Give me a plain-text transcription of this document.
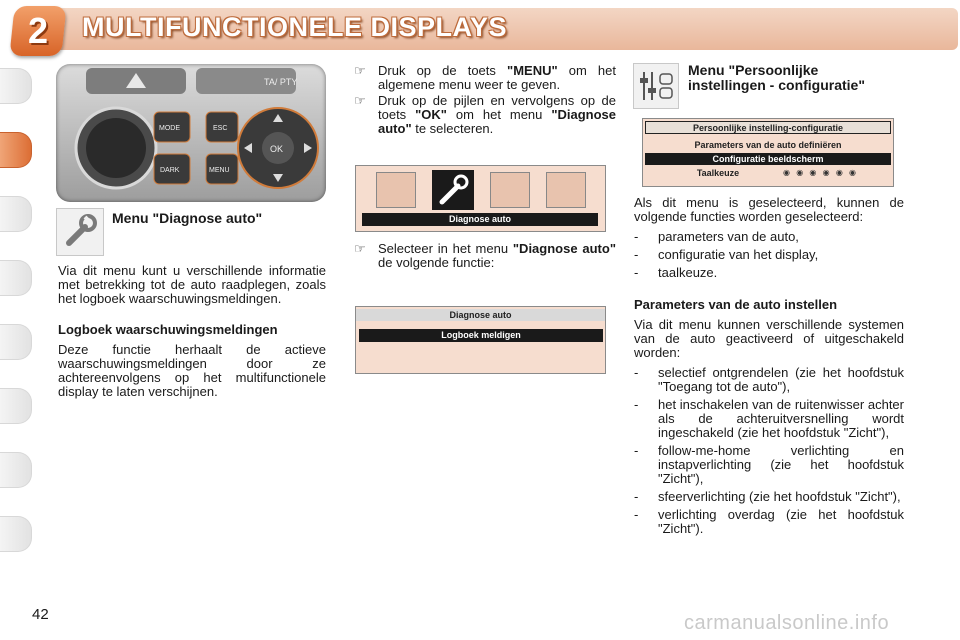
2	MULTIFUNCTIONELE DISPLAYS
TA/ PTY
MODE
DARK
ESC
MENU
OK
Menu "Diagnose auto"
Via dit menu kunt u verschillende informatie met betrekking tot de auto raadplegen, zoals het logboek waarschuwingsmeldingen.
Logboek waarschuwingsmeldingen
Deze functie herhaalt de actieve waarschuwingsmeldingen door ze achtereenvolgens op het multifunctionele display te laten verschijnen.
☞ Druk op de toets "MENU" om het algemene menu weer te geven.
☞ Druk op de pijlen en vervolgens op de toets "OK" om het menu "Diagnose auto" te selecteren.
Diagnose auto
☞ Selecteer in het menu "Diagnose auto" de volgende functie:
Diagnose auto
Logboek meldigen
Menu "Persoonlijke instellingen - configuratie"
Persoonlijke instelling-configuratie
Parameters van de auto definiëren
Configuratie beeldscherm
Taalkeuze	◉ ◉ ◉ ◉ ◉ ◉
Als dit menu is geselecteerd, kunnen de volgende functies worden geselecteerd:
-	parameters van de auto,
-	configuratie van het display,
-	taalkeuze.
Parameters van de auto instellen
Via dit menu kunnen verschillende systemen van de auto geactiveerd of uitgeschakeld worden:
-	selectief ontgrendelen (zie het hoofdstuk "Toegang tot de auto"),
-	het inschakelen van de ruitenwisser achter als de achteruitversnelling wordt ingeschakeld (zie het hoofdstuk "Zicht"),
-	follow-me-home verlichting en instapverlichting (zie het hoofdstuk "Zicht"),
-	sfeerverlichting (zie het hoofdstuk "Zicht"),
-	verlichting overdag (zie het hoofdstuk "Zicht").
42	carmanualsonline.info
